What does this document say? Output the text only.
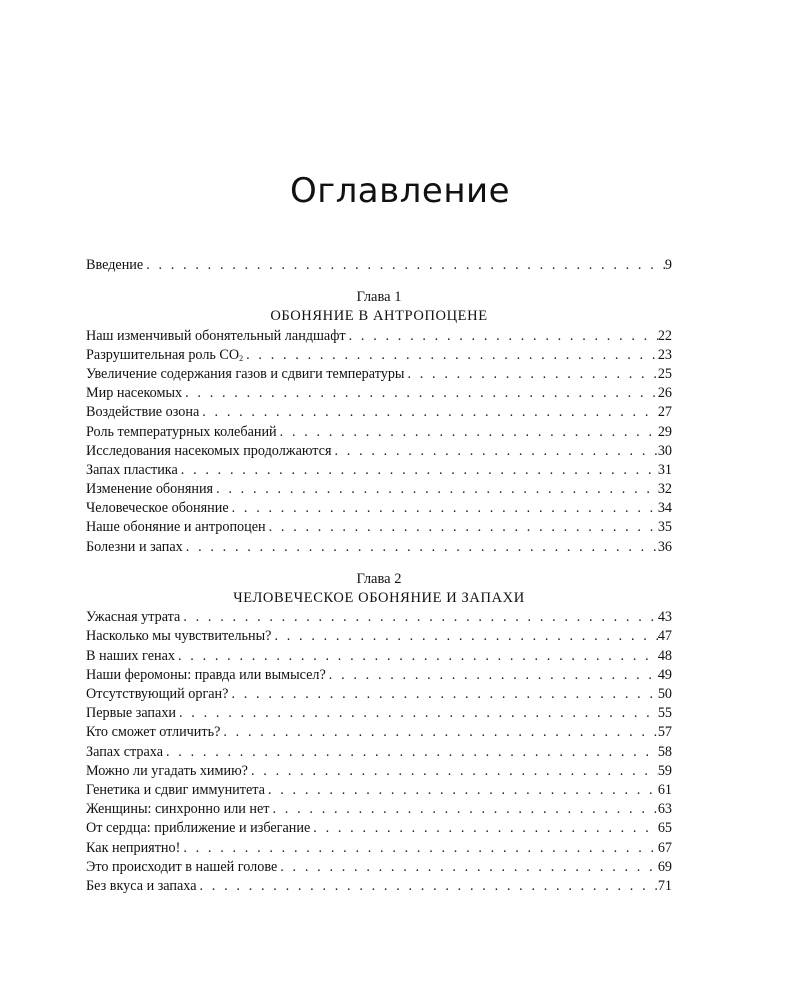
Оглавление
Введение . . .	9
Глава 1
ОБОНЯНИЕ В АНТРОПОЦЕНЕ
Наш изменчивый обонятельный ландшафт . . .	22
Разрушительная роль $CO_2$ . . .	23
Увеличение содержания газов и сдвиги температуры . . .	25
Мир насекомых . . .	26
Воздействие озона . . .	27
Роль температурных колебаний . . .	29
Исследования насекомых продолжаются . . .	30
Запах пластика . . .	31
Изменение обоняния . . .	32
Человеческое обоняние . . .	34
Наше обоняние и антропоцен . . .	35
Болезни и запах . . .	36
Глава 2
ЧЕЛОВЕЧЕСКОЕ ОБОНЯНИЕ И ЗАПАХИ
Ужасная утрата . . .	43
Насколько мы чувствительны? . . .	47
В наших генах . . .	48
Наши феромоны: правда или вымысел? . . .	49
Отсутствующий орган? . . .	50
Первые запахи . . .	55
Кто сможет отличить? . . .	57
Запах страха . . .	58
Можно ли угадать химию? . . .	59
Генетика и сдвиг иммунитета . . .	61
Женщины: синхронно или нет . . .	63
От сердца: приближение и избегание . . .	65
Как неприятно! . . .	67
Это происходит в нашей голове . . .	69
Без вкуса и запаха . . .	71
